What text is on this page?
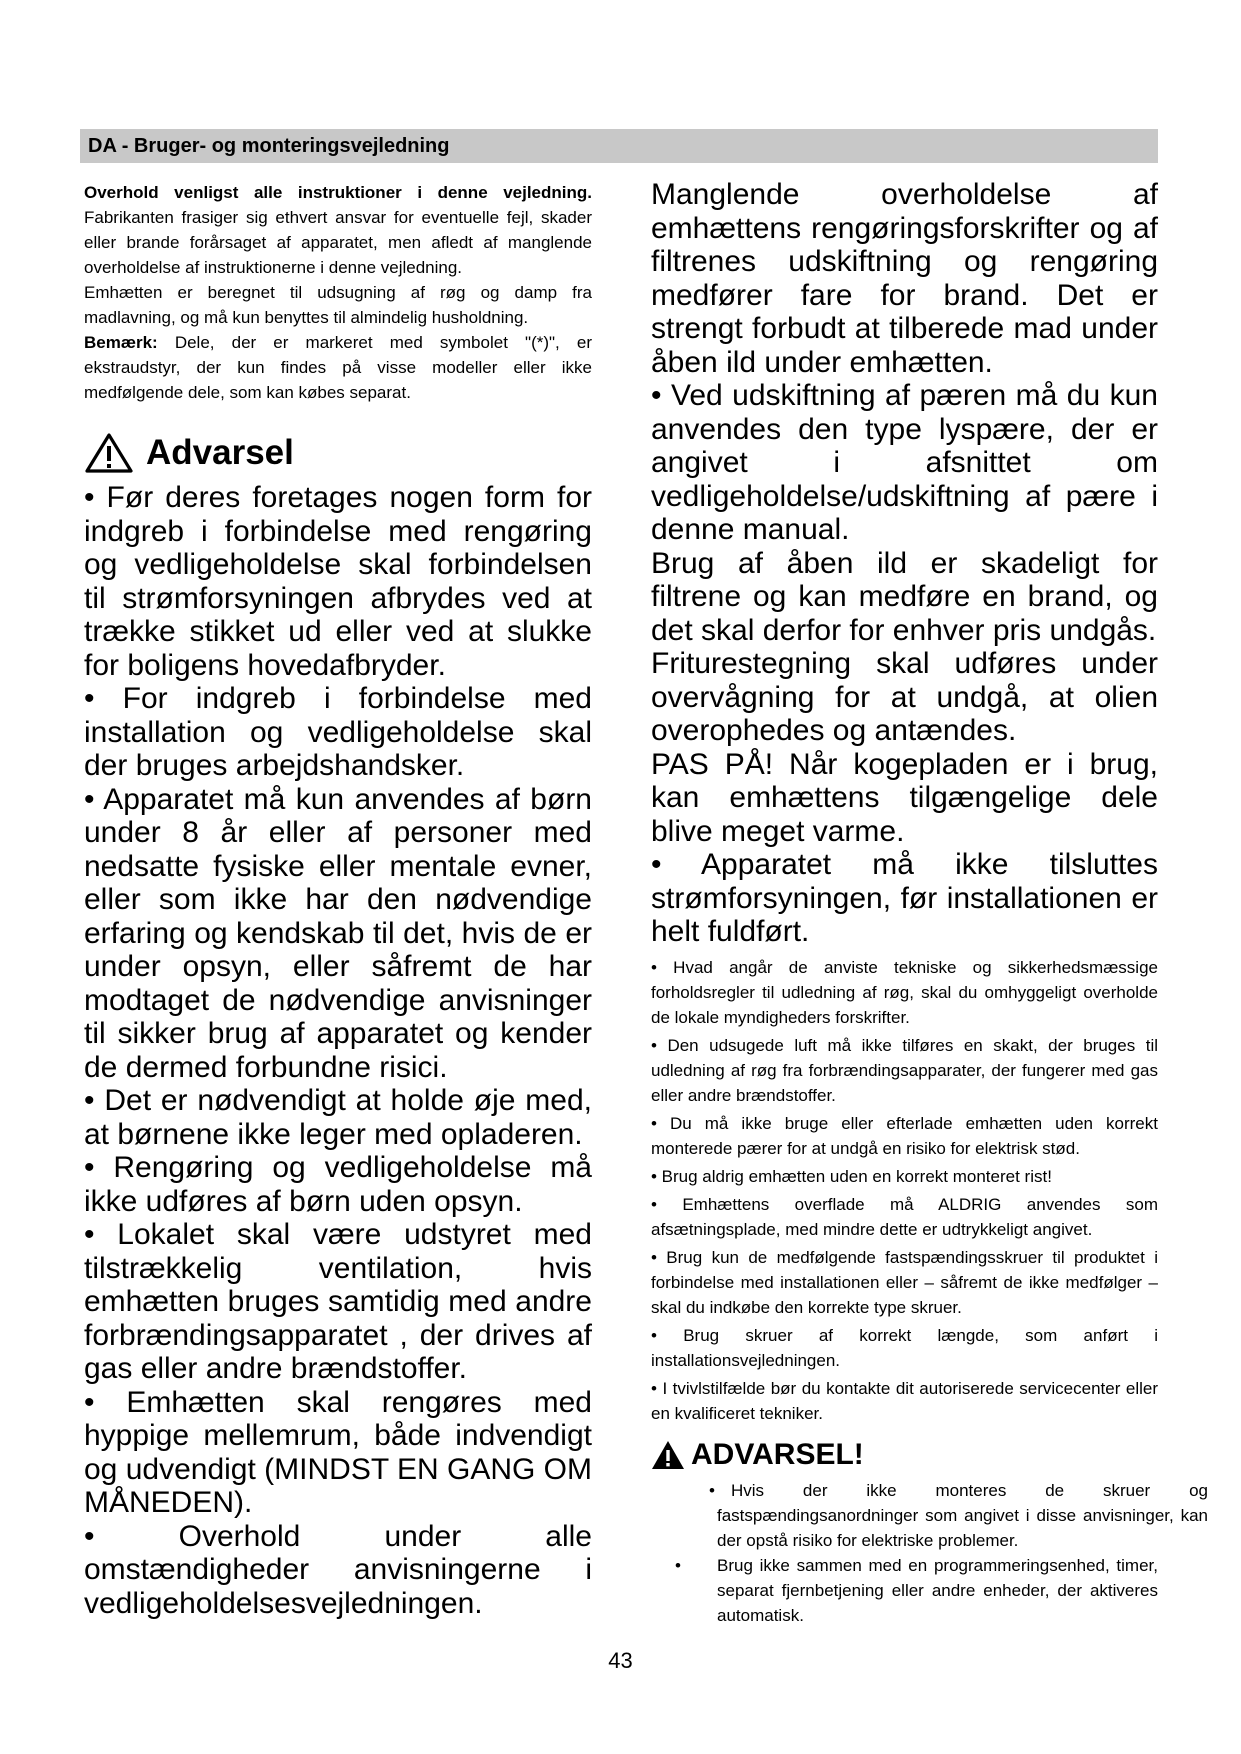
DA - Bruger- og monteringsvejledning

Overhold venligst alle instruktioner i denne vejledning. Fabrikanten frasiger sig ethvert ansvar for eventuelle fejl, skader eller brande forårsaget af apparatet, men afledt af manglende overholdelse af instruktionerne i denne vejledning.

Emhætten er beregnet til udsugning af røg og damp fra madlavning, og må kun benyttes til almindelig husholdning.

Bemærk: Dele, der er markeret med symbolet "(*)", er ekstraudstyr, der kun findes på visse modeller eller ikke medfølgende dele, som kan købes separat.

Advarsel

• Før deres foretages nogen form for indgreb i forbindelse med rengøring og vedligeholdelse skal forbindelsen til strømforsyningen afbrydes ved at trække stikket ud eller ved at slukke for boligens hovedafbryder.

• For indgreb i forbindelse med installation og vedligeholdelse skal der bruges arbejdshandsker.

• Apparatet må kun anvendes af børn under 8 år eller af personer med nedsatte fysiske eller mentale evner, eller som ikke har den nødvendige erfaring og kendskab til det, hvis de er under opsyn, eller såfremt de har modtaget de nødvendige anvisninger til sikker brug af apparatet og kender de dermed forbundne risici.

• Det er nødvendigt at holde øje med, at børnene ikke leger med opladeren.

• Rengøring og vedligeholdelse må ikke udføres af børn uden opsyn.

• Lokalet skal være udstyret med tilstrækkelig ventilation, hvis emhætten bruges samtidig med andre forbrændingsapparatet , der drives af gas eller andre brændstoffer.

• Emhætten skal rengøres med hyppige mellemrum, både indvendigt og udvendigt (MINDST EN GANG OM MÅNEDEN).

• Overhold under alle omstændigheder anvisningerne i vedligeholdelsesvejledningen.

Manglende overholdelse af emhættens rengøringsforskrifter og af filtrenes udskiftning og rengøring medfører fare for brand. Det er strengt forbudt at tilberede mad under åben ild under emhætten.

• Ved udskiftning af pæren må du kun anvendes den type lyspære, der er angivet i afsnittet om vedligeholdelse/udskiftning af pære i denne manual.

Brug af åben ild er skadeligt for filtrene og kan medføre en brand, og det skal derfor for enhver pris undgås.

Friturestegning skal udføres under overvågning for at undgå, at olien overophedes og antændes.

PAS PÅ! Når kogepladen er i brug, kan emhættens tilgængelige dele blive meget varme.

• Apparatet må ikke tilsluttes strømforsyningen, før installationen er helt fuldført.

• Hvad angår de anviste tekniske og sikkerhedsmæssige forholdsregler til udledning af røg, skal du omhyggeligt overholde de lokale myndigheders forskrifter.

• Den udsugede luft må ikke tilføres en skakt, der bruges til udledning af røg fra forbrændingsapparater, der fungerer med gas eller andre brændstoffer.

• Du må ikke bruge eller efterlade emhætten uden korrekt monterede pærer for at undgå en risiko for elektrisk stød.

• Brug aldrig emhætten uden en korrekt monteret rist!

• Emhættens overflade må ALDRIG anvendes som afsætningsplade, med mindre dette er udtrykkeligt angivet.

• Brug kun de medfølgende fastspændingsskruer til produktet i forbindelse med installationen eller – såfremt de ikke medfølger – skal du indkøbe den korrekte type skruer.

• Brug skruer af korrekt længde, som anført i installationsvejledningen.

• I tvivlstilfælde bør du kontakte dit autoriserede servicecenter eller en kvalificeret tekniker.

ADVARSEL!
• Hvis der ikke monteres de skruer og fastspændingsanordninger som angivet i disse anvisninger, kan der opstå risiko for elektriske problemer.
• Brug ikke sammen med en programmeringsenhed, timer, separat fjernbetjening eller andre enheder, der aktiveres automatisk.
43
